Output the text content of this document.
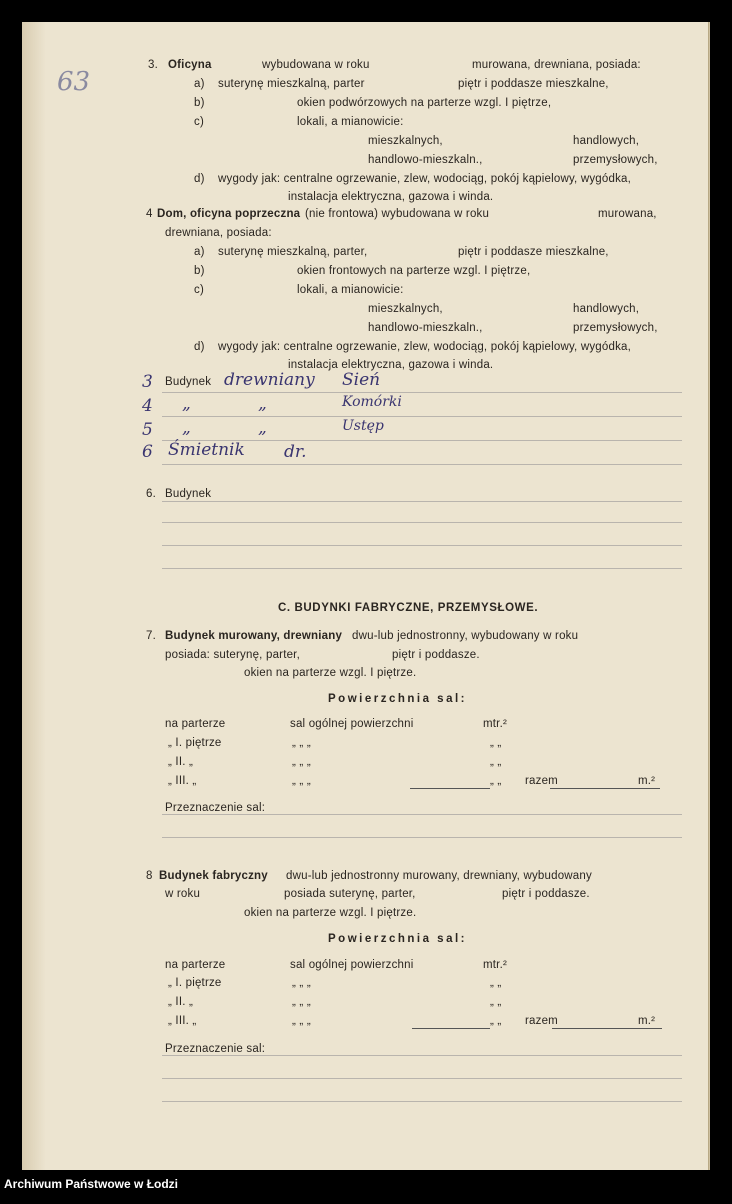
63
3. Oficyna	wybudowana w roku	murowana, drewniana, posiada:
a) suterynę mieszkalną, parter	piętr i poddasze mieszkalne,
b)	okien podwórzowych na parterze wzgl. I piętrze,
c)	lokali, a mianowicie:
mieszkalnych,	handlowych,
handlowo-mieszkaln.,	przemysłowych,
d) wygody jak: centralne ogrzewanie, zlew, wodociąg, pokój kąpielowy, wygódka,
instalacja elektryczna, gazowa i winda.
4 Dom, oficyna poprzeczna (nie frontowa) wybudowana w roku	murowana,
drewniana, posiada:
a) suterynę mieszkalną, parter,	piętr i poddasze mieszkalne,
b)	okien frontowych na parterze wzgl. I piętrze,
c)	lokali, a mianowicie:
mieszkalnych,	handlowych,
handlowo-mieszkaln.,	przemysłowych,
d) wygody jak: centralne ogrzewanie, zlew, wodociąg, pokój kąpielowy, wygódka,
instalacja elektryczna, gazowa i winda.
3 Budynek drewniany Sień
4 „	„	Komórki
5 „	„	Ustęp
6 Śmietnik dr.
6. Budynek
C. BUDYNKI FABRYCZNE, PRZEMYSŁOWE.
7. Budynek murowany, drewniany dwu-lub jednostronny, wybudowany w roku
posiada: suterynę, parter,	piętr i poddasze.
okien na parterze wzgl. I piętrze.
Powierzchnia sal:
na parterze	sal ogólnej powierzchni	mtr.²
„ I. piętrze	„ „ „	„ „
„ II. „	„ „ „	„ „
„ III. „	„ „ „	„ „ razem	m.²
Przeznaczenie sal:
8 Budynek fabryczny dwu-lub jednostronny murowany, drewniany, wybudowany
w roku	posiada suterynę, parter,	piętr i poddasze.
okien na parterze wzgl. I piętrze.
Powierzchnia sal:
na parterze	sal ogólnej powierzchni	mtr.²
„ I. piętrze	„ „ „	„ „
„ II. „	„ „ „	„ „
„ III. „	„ „ „	„ „ razem	m.²
Przeznaczenie sal:
Archiwum Państwowe w Łodzi
